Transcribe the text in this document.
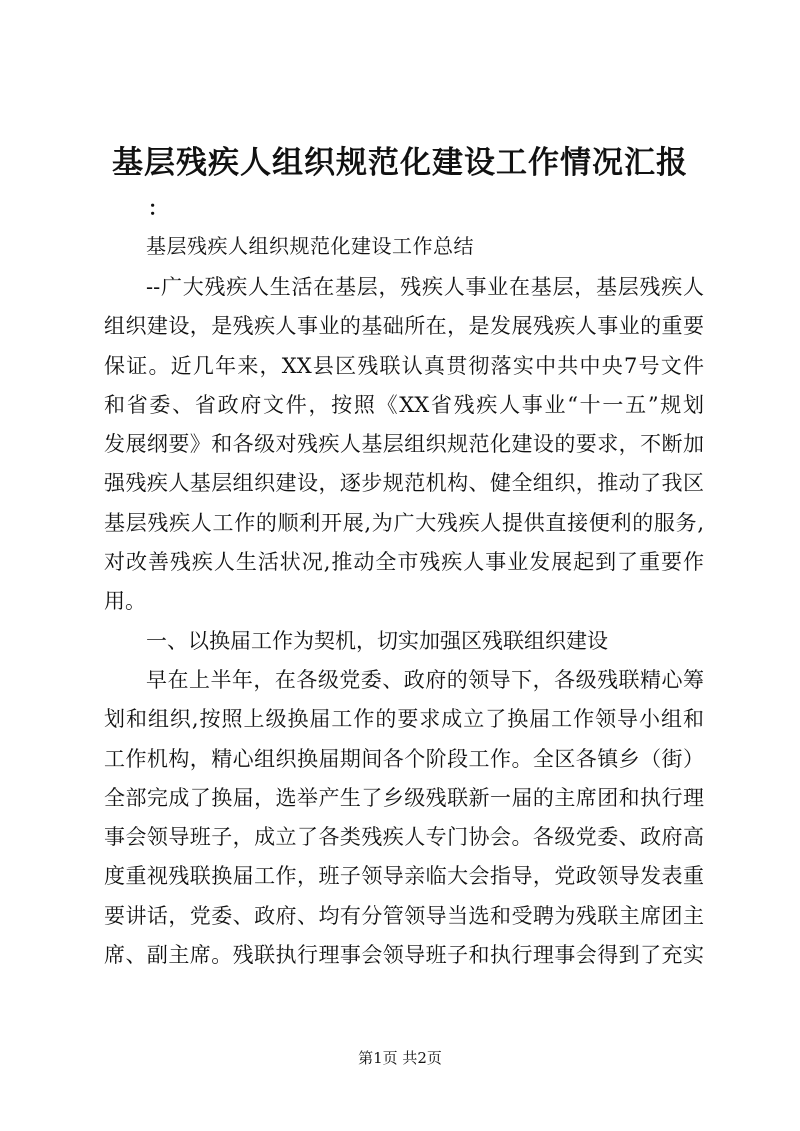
基层残疾人组织规范化建设工作情况汇报
：
基层残疾人组织规范化建设工作总结
--广大残疾人生活在基层，残疾人事业在基层，基层残疾人
组织建设，是残疾人事业的基础所在，是发展残疾人事业的重要
保证。近几年来，XX县区残联认真贯彻落实中共中央7号文件
和省委、省政府文件，按照《XX省残疾人事业“十一五”规划
发展纲要》和各级对残疾人基层组织规范化建设的要求，不断加
强残疾人基层组织建设，逐步规范机构、健全组织，推动了我区
基层残疾人工作的顺利开展,为广大残疾人提供直接便利的服务,
对改善残疾人生活状况,推动全市残疾人事业发展起到了重要作
用。
一、以换届工作为契机，切实加强区残联组织建设
早在上半年，在各级党委、政府的领导下，各级残联精心筹
划和组织,按照上级换届工作的要求成立了换届工作领导小组和
工作机构，精心组织换届期间各个阶段工作。全区各镇乡（街）
全部完成了换届，选举产生了乡级残联新一届的主席团和执行理
事会领导班子，成立了各类残疾人专门协会。各级党委、政府高
度重视残联换届工作，班子领导亲临大会指导，党政领导发表重
要讲话，党委、政府、均有分管领导当选和受聘为残联主席团主
席、副主席。残联执行理事会领导班子和执行理事会得到了充实
第1页 共2页
